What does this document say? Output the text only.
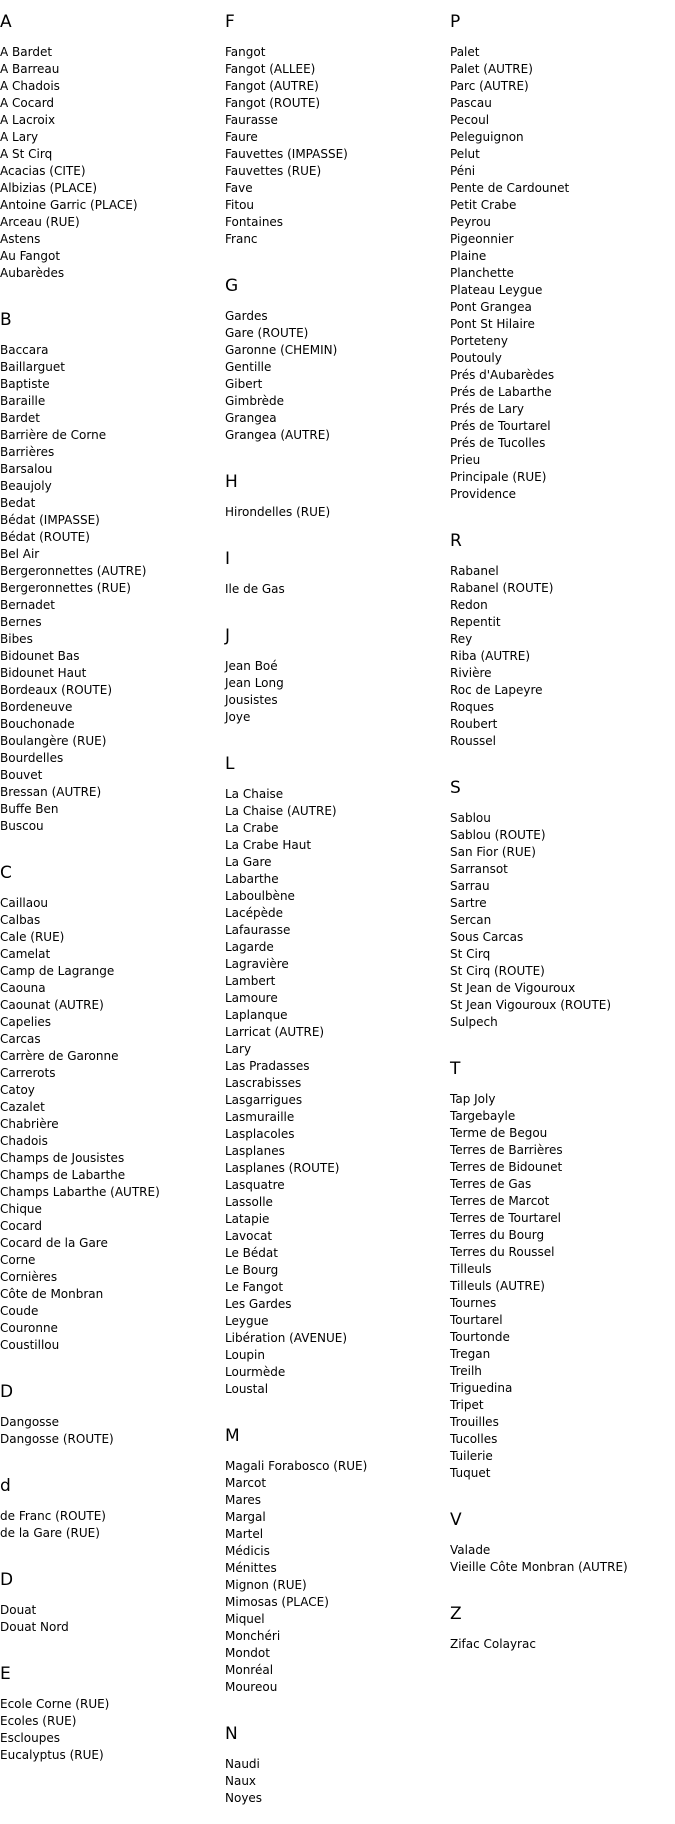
A
A Bardet
A Barreau
A Chadois
A Cocard
A Lacroix
A Lary
A St Cirq
Acacias (CITE)
Albizias (PLACE)
Antoine Garric (PLACE)
Arceau (RUE)
Astens
Au Fangot
Aubarèdes
B
Baccara
Baillarguet
Baptiste
Baraille
Bardet
Barrière de Corne
Barrières
Barsalou
Beaujoly
Bedat
Bédat (IMPASSE)
Bédat (ROUTE)
Bel Air
Bergeronnettes (AUTRE)
Bergeronnettes (RUE)
Bernadet
Bernes
Bibes
Bidounet Bas
Bidounet Haut
Bordeaux (ROUTE)
Bordeneuve
Bouchonade
Boulangère (RUE)
Bourdelles
Bouvet
Bressan (AUTRE)
Buffe Ben
Buscou
C
Caillaou
Calbas
Cale (RUE)
Camelat
Camp de Lagrange
Caouna
Caounat (AUTRE)
Capelies
Carcas
Carrère de Garonne
Carrerots
Catoy
Cazalet
Chabrière
Chadois
Champs de Jousistes
Champs de Labarthe
Champs Labarthe (AUTRE)
Chique
Cocard
Cocard de la Gare
Corne
Cornières
Côte de Monbran
Coude
Couronne
Coustillou
D
Dangosse
Dangosse (ROUTE)
d
de Franc (ROUTE)
de la Gare (RUE)
D
Douat
Douat Nord
E
Ecole Corne (RUE)
Ecoles (RUE)
Escloupes
Eucalyptus (RUE)
F
Fangot
Fangot (ALLEE)
Fangot (AUTRE)
Fangot (ROUTE)
Faurasse
Faure
Fauvettes (IMPASSE)
Fauvettes (RUE)
Fave
Fitou
Fontaines
Franc
G
Gardes
Gare (ROUTE)
Garonne (CHEMIN)
Gentille
Gibert
Gimbrède
Grangea
Grangea (AUTRE)
H
Hirondelles (RUE)
I
Ile de Gas
J
Jean Boé
Jean Long
Jousistes
Joye
L
La Chaise
La Chaise (AUTRE)
La Crabe
La Crabe Haut
La Gare
Labarthe
Laboulbène
Lacépède
Lafaurasse
Lagarde
Lagravière
Lambert
Lamoure
Laplanque
Larricat (AUTRE)
Lary
Las Pradasses
Lascrabisses
Lasgarrigues
Lasmuraille
Lasplacoles
Lasplanes
Lasplanes (ROUTE)
Lasquatre
Lassolle
Latapie
Lavocat
Le Bédat
Le Bourg
Le Fangot
Les Gardes
Leygue
Libération (AVENUE)
Loupin
Lourmède
Loustal
M
Magali Forabosco (RUE)
Marcot
Mares
Margal
Martel
Médicis
Ménittes
Mignon (RUE)
Mimosas (PLACE)
Miquel
Monchéri
Mondot
Monréal
Moureou
N
Naudi
Naux
Noyes
P
Palet
Palet (AUTRE)
Parc (AUTRE)
Pascau
Pecoul
Peleguignon
Pelut
Péni
Pente de Cardounet
Petit Crabe
Peyrou
Pigeonnier
Plaine
Planchette
Plateau Leygue
Pont Grangea
Pont St Hilaire
Porteteny
Poutouly
Prés d'Aubarèdes
Prés de Labarthe
Prés de Lary
Prés de Tourtarel
Prés de Tucolles
Prieu
Principale (RUE)
Providence
R
Rabanel
Rabanel (ROUTE)
Redon
Repentit
Rey
Riba (AUTRE)
Rivière
Roc de Lapeyre
Roques
Roubert
Roussel
S
Sablou
Sablou (ROUTE)
San Fior (RUE)
Sarransot
Sarrau
Sartre
Sercan
Sous Carcas
St Cirq
St Cirq (ROUTE)
St Jean de Vigouroux
St Jean Vigouroux (ROUTE)
Sulpech
T
Tap Joly
Targebayle
Terme de Begou
Terres de Barrières
Terres de Bidounet
Terres de Gas
Terres de Marcot
Terres de Tourtarel
Terres du Bourg
Terres du Roussel
Tilleuls
Tilleuls (AUTRE)
Tournes
Tourtarel
Tourtonde
Tregan
Treilh
Triguedina
Tripet
Trouilles
Tucolles
Tuilerie
Tuquet
V
Valade
Vieille Côte Monbran (AUTRE)
Z
Zifac Colayrac
